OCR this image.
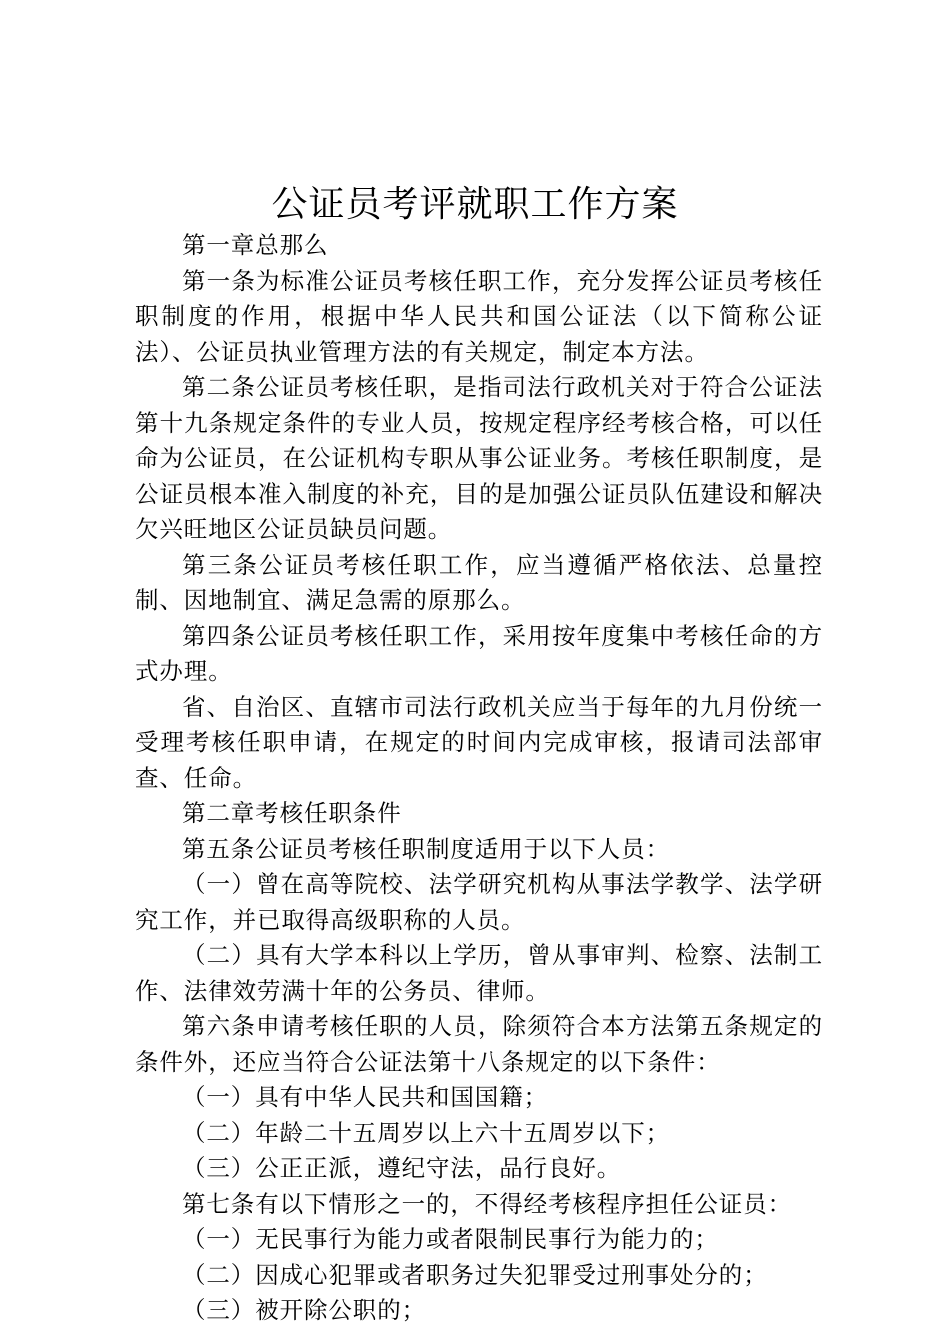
公证员考评就职工作方案

第一章总那么

第一条为标准公证员考核任职工作，充分发挥公证员考核任职制度的作用，根据中华人民共和国公证法（以下简称公证法）、公证员执业管理方法的有关规定，制定本方法。

第二条公证员考核任职，是指司法行政机关对于符合公证法第十九条规定条件的专业人员，按规定程序经考核合格，可以任命为公证员，在公证机构专职从事公证业务。考核任职制度，是公证员根本准入制度的补充，目的是加强公证员队伍建设和解决欠兴旺地区公证员缺员问题。

第三条公证员考核任职工作，应当遵循严格依法、总量控制、因地制宜、满足急需的原那么。

第四条公证员考核任职工作，采用按年度集中考核任命的方式办理。

省、自治区、直辖市司法行政机关应当于每年的九月份统一受理考核任职申请，在规定的时间内完成审核，报请司法部审查、任命。

第二章考核任职条件

第五条公证员考核任职制度适用于以下人员：

（一）曾在高等院校、法学研究机构从事法学教学、法学研究工作，并已取得高级职称的人员。

（二）具有大学本科以上学历，曾从事审判、检察、法制工作、法律效劳满十年的公务员、律师。

第六条申请考核任职的人员，除须符合本方法第五条规定的条件外，还应当符合公证法第十八条规定的以下条件：

（一）具有中华人民共和国国籍；

（二）年龄二十五周岁以上六十五周岁以下；

（三）公正正派，遵纪守法，品行良好。

第七条有以下情形之一的，不得经考核程序担任公证员：

（一）无民事行为能力或者限制民事行为能力的；

（二）因成心犯罪或者职务过失犯罪受过刑事处分的；

（三）被开除公职的；
